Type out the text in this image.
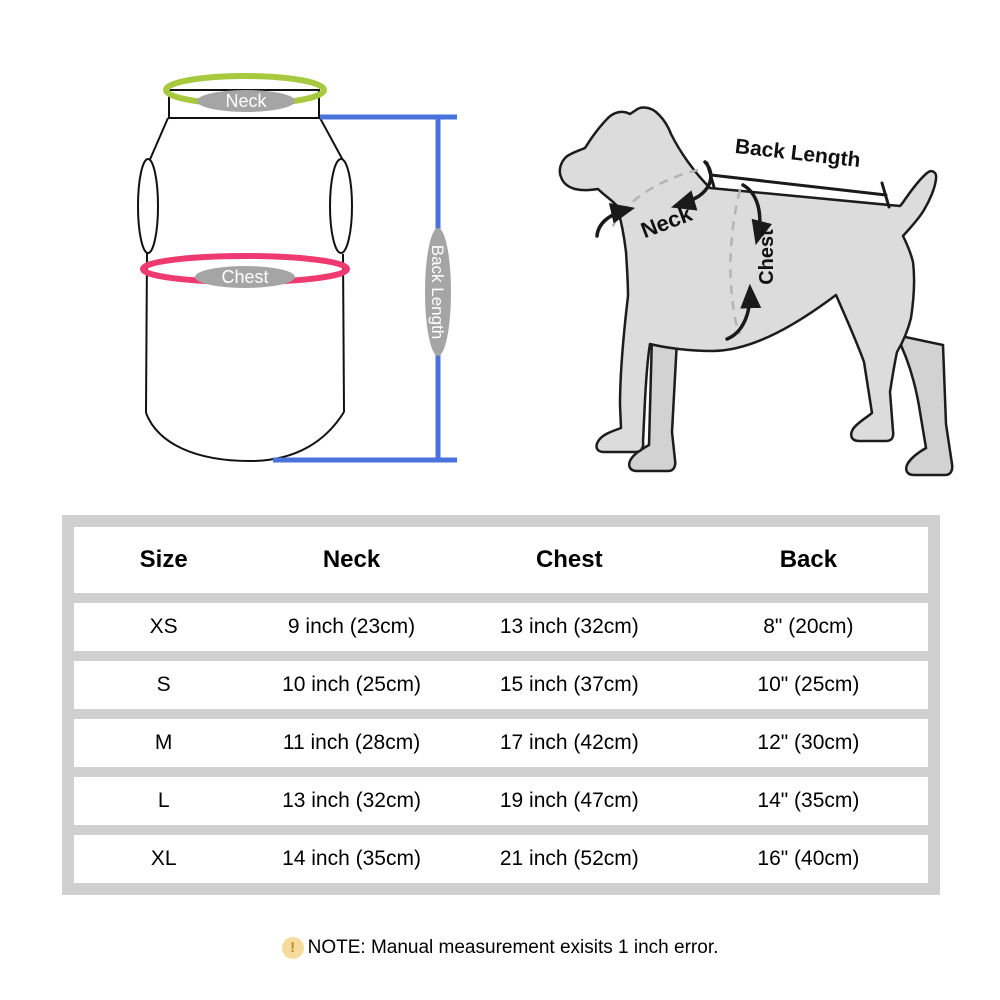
Neck
Chest	Back Length
Back Length
Neck
Chest
Size	Neck	Chest	Back
XS	9 inch (23cm)	13 inch (32cm)	8" (20cm)
S	10 inch (25cm)	15 inch (37cm)	10" (25cm)
M	11 inch (28cm)	17 inch (42cm)	12" (30cm)
L	13 inch (32cm)	19 inch (47cm)	14" (35cm)
XL	14 inch (35cm)	21 inch (52cm)	16" (40cm)
! NOTE: Manual measurement exisits 1 inch error.
